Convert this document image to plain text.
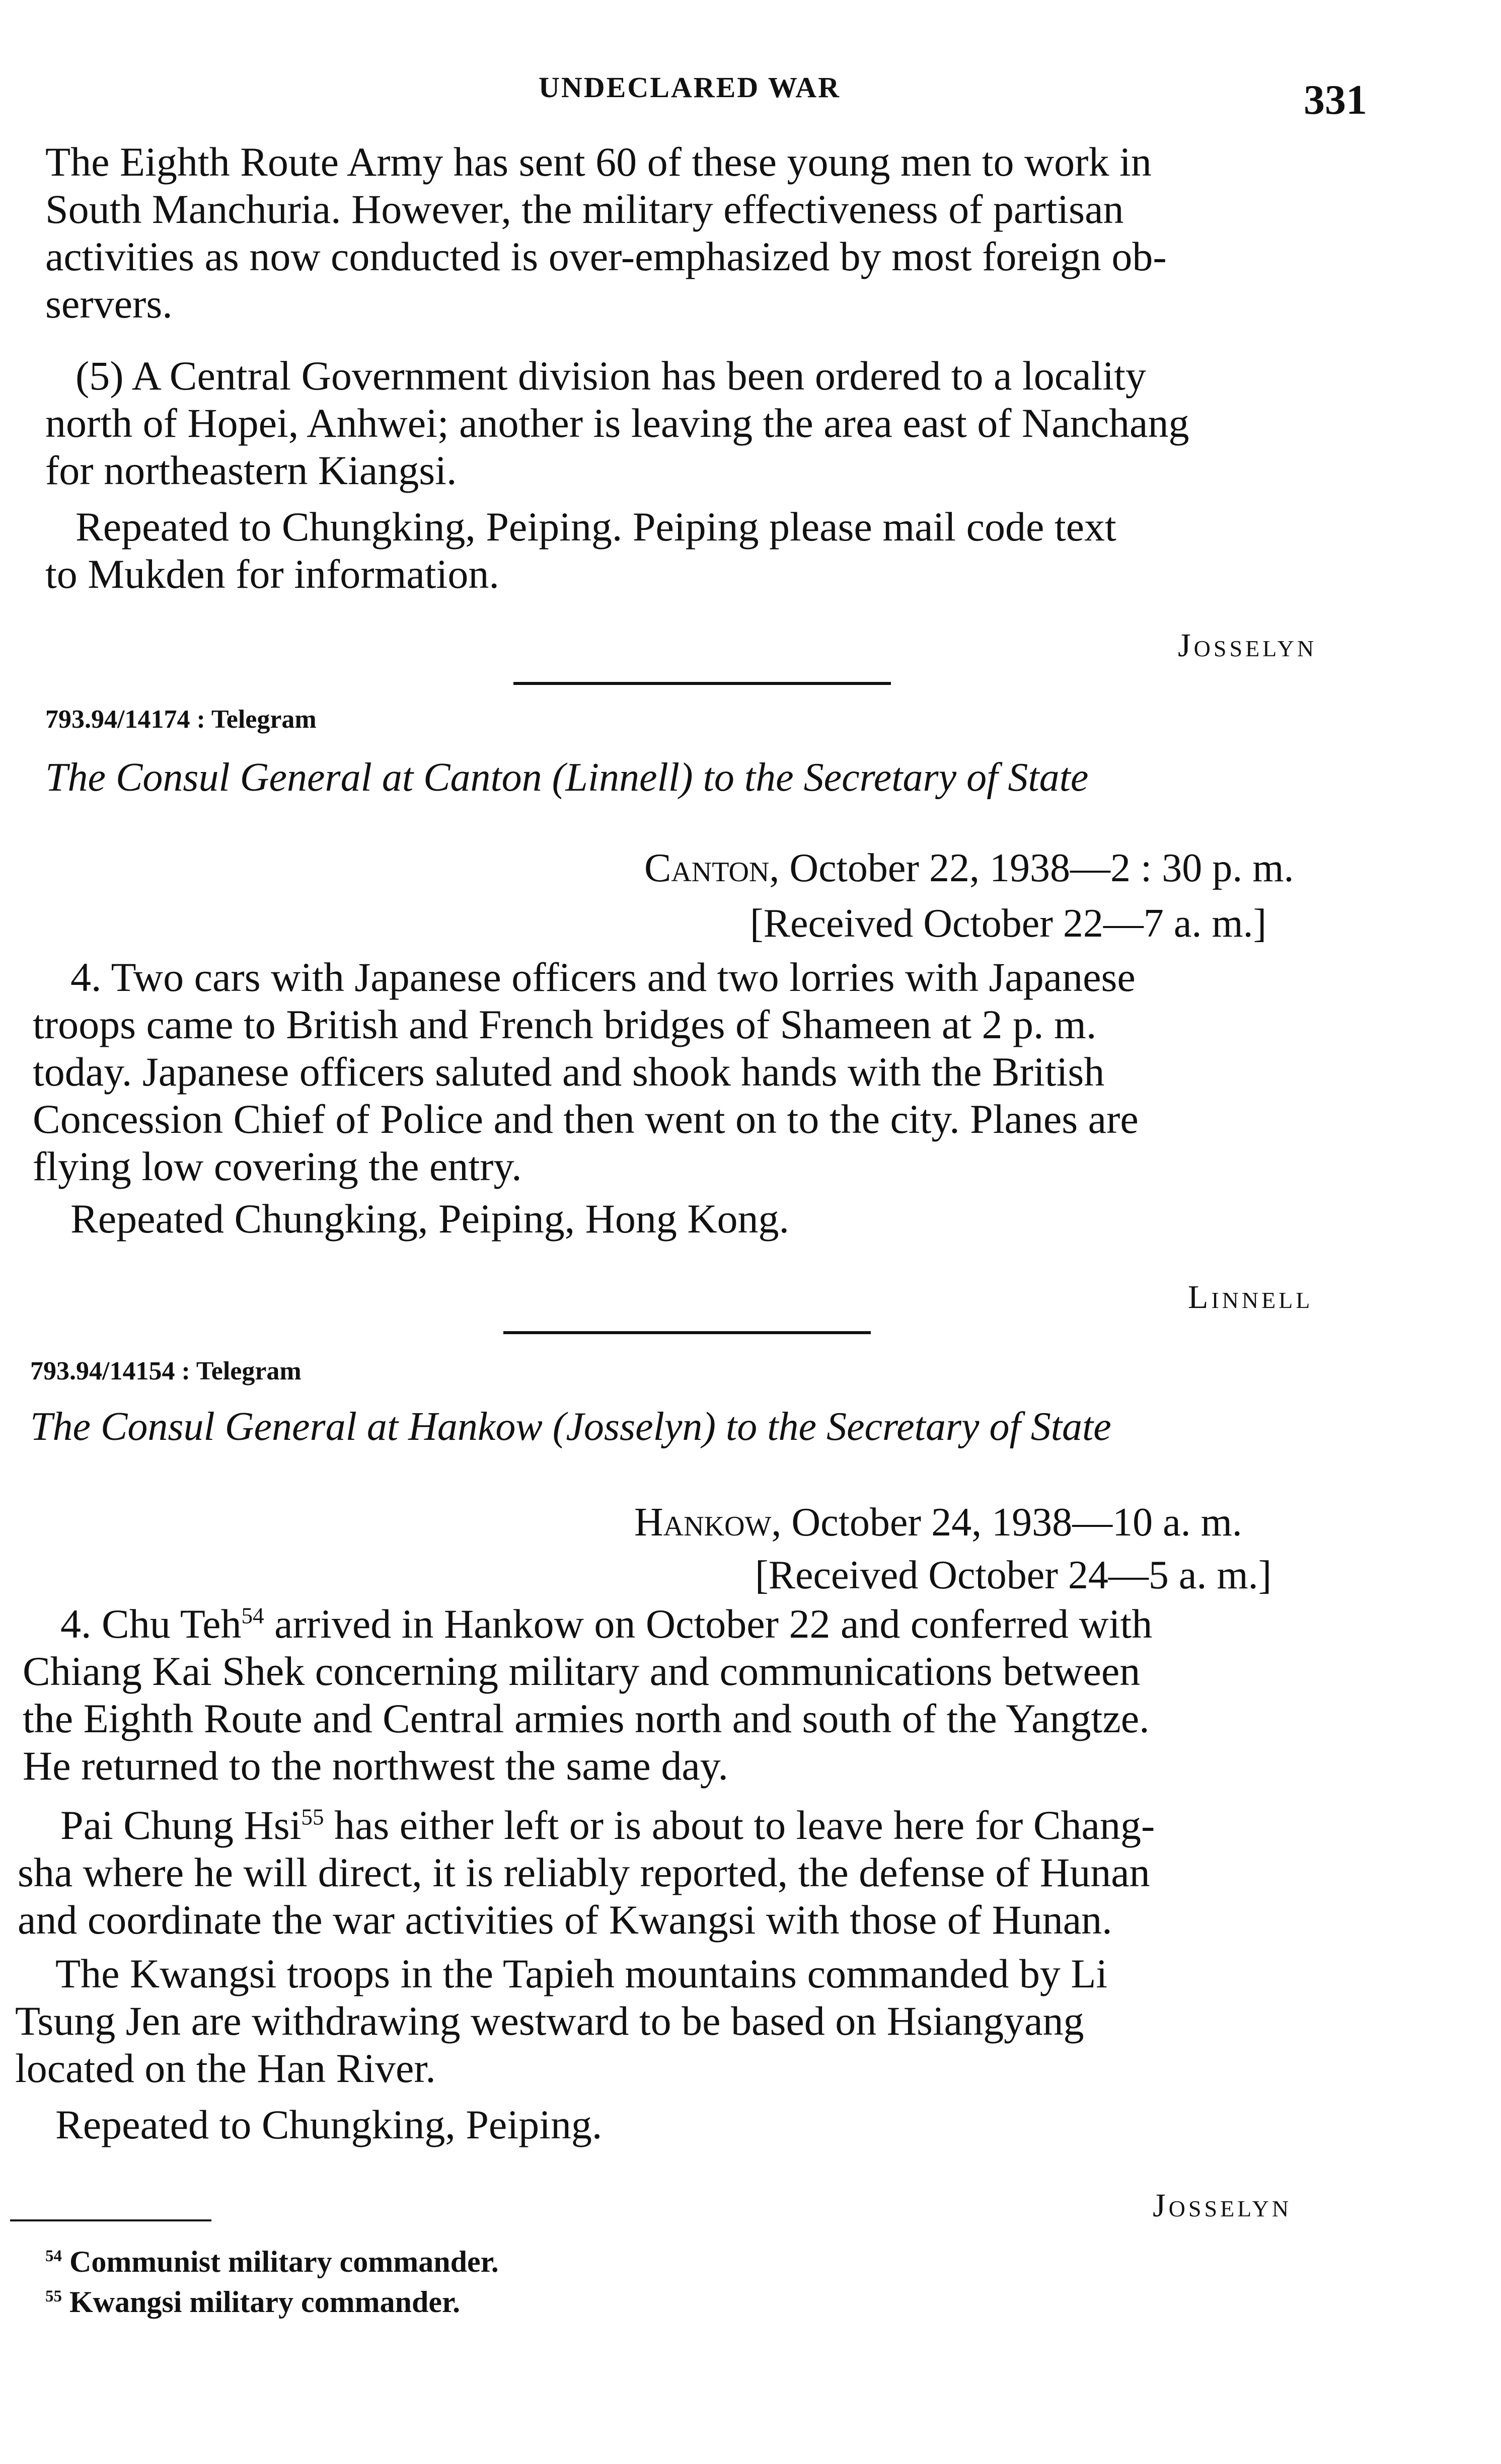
UNDECLARED WAR	331
The Eighth Route Army has sent 60 of these young men to work in
South Manchuria. However, the military effectiveness of partisan
activities as now conducted is over-emphasized by most foreign ob-
servers.
(5) A Central Government division has been ordered to a locality
north of Hopei, Anhwei; another is leaving the area east of Nanchang
for northeastern Kiangsi.
Repeated to Chungking, Peiping. Peiping please mail code text
to Mukden for information.
Josselyn
793.94/14174 : Telegram
The Consul General at Canton (Linnell) to the Secretary of State
Canton, October 22, 1938—2 : 30 p. m.
[Received October 22—7 a. m.]
4. Two cars with Japanese officers and two lorries with Japanese
troops came to British and French bridges of Shameen at 2 p. m.
today. Japanese officers saluted and shook hands with the British
Concession Chief of Police and then went on to the city. Planes are
flying low covering the entry.
Repeated Chungking, Peiping, Hong Kong.
Linnell
793.94/14154 : Telegram
The Consul General at Hankow (Josselyn) to the Secretary of State
Hankow, October 24, 1938—10 a. m.
[Received October 24—5 a. m.]
4. Chu Teh$^{54}$ arrived in Hankow on October 22 and conferred with
Chiang Kai Shek concerning military and communications between
the Eighth Route and Central armies north and south of the Yangtze.
He returned to the northwest the same day.
Pai Chung Hsi$^{55}$ has either left or is about to leave here for Chang-
sha where he will direct, it is reliably reported, the defense of Hunan
and coordinate the war activities of Kwangsi with those of Hunan.
The Kwangsi troops in the Tapieh mountains commanded by Li
Tsung Jen are withdrawing westward to be based on Hsiangyang
located on the Han River.
Repeated to Chungking, Peiping.
Josselyn
$^{54}$ Communist military commander.
$^{55}$ Kwangsi military commander.
